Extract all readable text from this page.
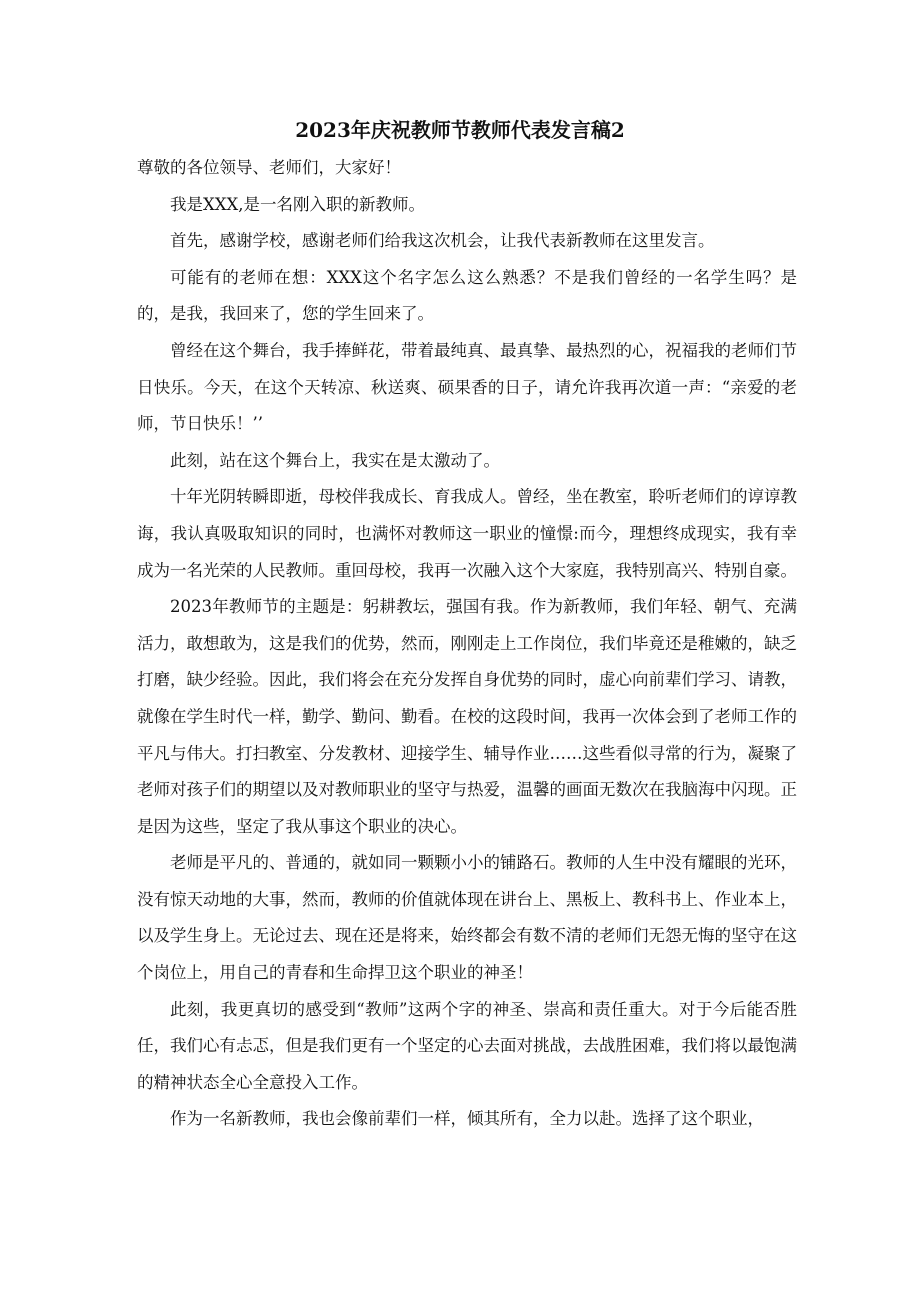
2023年庆祝教师节教师代表发言稿2

尊敬的各位领导、老师们，大家好！

我是XXX,是一名刚入职的新教师。

首先，感谢学校，感谢老师们给我这次机会，让我代表新教师在这里发言。

可能有的老师在想：XXX这个名字怎么这么熟悉？不是我们曾经的一名学生吗？是的，是我，我回来了，您的学生回来了。

曾经在这个舞台，我手捧鲜花，带着最纯真、最真挚、最热烈的心，祝福我的老师们节日快乐。今天，在这个天转凉、秋送爽、硕果香的日子，请允许我再次道一声：“亲爱的老师，节日快乐！’’

此刻，站在这个舞台上，我实在是太激动了。

十年光阴转瞬即逝，母校伴我成长、育我成人。曾经，坐在教室，聆听老师们的谆谆教诲，我认真吸取知识的同时，也满怀对教师这一职业的憧憬:而今，理想终成现实，我有幸成为一名光荣的人民教师。重回母校，我再一次融入这个大家庭，我特别高兴、特别自豪。

2023年教师节的主题是：躬耕教坛，强国有我。作为新教师，我们年轻、朝气、充满活力，敢想敢为，这是我们的优势，然而，刚刚走上工作岗位，我们毕竟还是稚嫩的，缺乏打磨，缺少经验。因此，我们将会在充分发挥自身优势的同时，虚心向前辈们学习、请教，就像在学生时代一样，勤学、勤问、勤看。在校的这段时间，我再一次体会到了老师工作的平凡与伟大。打扫教室、分发教材、迎接学生、辅导作业……这些看似寻常的行为，凝聚了老师对孩子们的期望以及对教师职业的坚守与热爱，温馨的画面无数次在我脑海中闪现。正是因为这些，坚定了我从事这个职业的决心。

老师是平凡的、普通的，就如同一颗颗小小的铺路石。教师的人生中没有耀眼的光环，没有惊天动地的大事，然而，教师的价值就体现在讲台上、黑板上、教科书上、作业本上，以及学生身上。无论过去、现在还是将来，始终都会有数不清的老师们无怨无悔的坚守在这个岗位上，用自己的青春和生命捍卫这个职业的神圣！

此刻，我更真切的感受到“教师”这两个字的神圣、崇高和责任重大。对于今后能否胜任，我们心有忐忑，但是我们更有一个坚定的心去面对挑战，去战胜困难，我们将以最饱满的精神状态全心全意投入工作。

作为一名新教师，我也会像前辈们一样，倾其所有，全力以赴。选择了这个职业，
